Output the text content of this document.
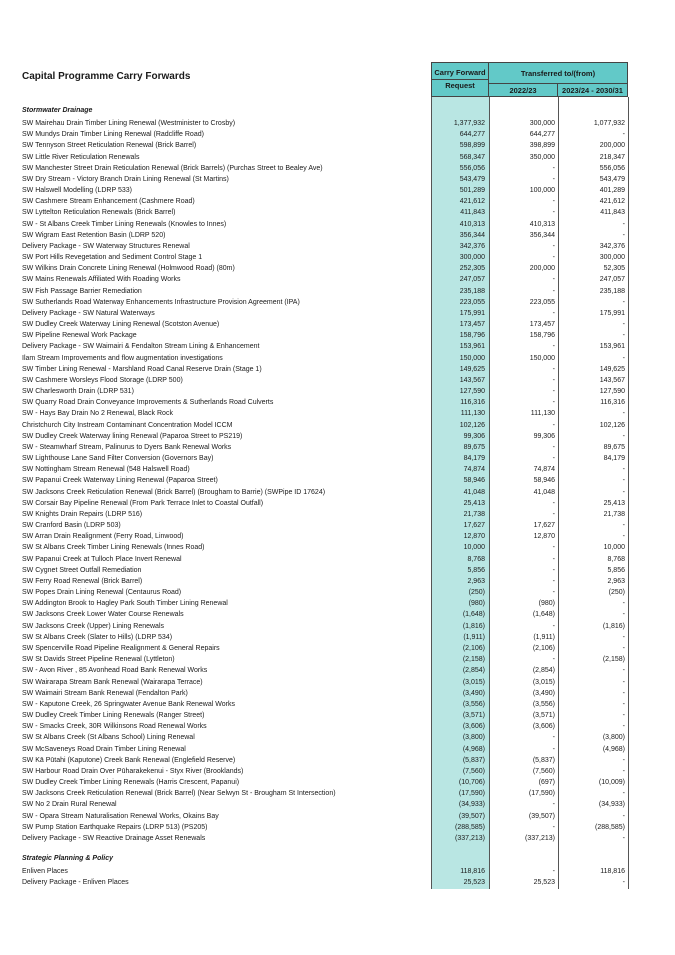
Capital Programme Carry Forwards	Carry Forward
Request
Transferred to/(from)
2022/23	2023/24 - 2030/31
Stormwater Drainage
Strategic Planning & Policy
SW Mairehau Drain Timber Lining Renewal (Westminister to Crosby)	1,377,932	300,000	1,077,932
SW Mundys Drain Timber Lining Renewal (Radcliffe Road)	644,277	644,277	-
SW Tennyson Street Reticulation Renewal (Brick Barrel)	598,899	398,899	200,000
SW Little River Reticulation Renewals	568,347	350,000	218,347
SW Manchester Street Drain Reticulation Renewal (Brick Barrels) (Purchas Street to Bealey Ave)	556,056	-	556,056
SW Dry Stream - Victory Branch Drain Lining Renewal (St Martins)	543,479	-	543,479
SW Halswell Modelling (LDRP 533)	501,289	100,000	401,289
SW Cashmere Stream Enhancement (Cashmere Road)	421,612	-	421,612
SW Lyttelton Reticulation Renewals (Brick Barrel)	411,843	-	411,843
SW - St Albans Creek Timber Lining Renewals (Knowles to Innes)	410,313	410,313	-
SW Wigram East Retention Basin (LDRP 520)	356,344	356,344	-
Delivery Package - SW Waterway Structures Renewal	342,376	-	342,376
SW Port Hills Revegetation and Sediment Control Stage 1	300,000	-	300,000
SW Wilkins Drain Concrete Lining Renewal (Holmwood Road) (80m)	252,305	200,000	52,305
SW Mains Renewals Affiliated With Roading Works	247,057	-	247,057
SW Fish Passage Barrier Remediation	235,188	-	235,188
SW Sutherlands Road Waterway Enhancements Infrastructure Provision Agreement (IPA)	223,055	223,055	-
Delivery Package - SW Natural Waterways	175,991	-	175,991
SW Dudley Creek Waterway Lining Renewal (Scotston Avenue)	173,457	173,457	-
SW Pipeline Renewal Work Package	158,796	158,796	-
Delivery Package - SW Waimairi & Fendalton Stream Lining & Enhancement	153,961	-	153,961
Ilam Stream Improvements and flow augmentation investigations	150,000	150,000	-
SW Timber Lining Renewal - Marshland Road Canal Reserve Drain (Stage 1)	149,625	-	149,625
SW Cashmere Worsleys Flood Storage (LDRP 500)	143,567	-	143,567
SW Charlesworth Drain (LDRP 531)	127,590	-	127,590
SW Quarry Road Drain Conveyance Improvements & Sutherlands Road Culverts	116,316	-	116,316
SW - Hays Bay Drain No 2 Renewal, Black Rock	111,130	111,130	-
Christchurch City Instream Contaminant Concentration Model ICCM	102,126	-	102,126
SW Dudley Creek Waterway lining Renewal (Paparoa Street to PS219)	99,306	99,306	-
SW - Steamwharf Stream, Palinurus to Dyers Bank Renewal Works	89,675	-	89,675
SW Lighthouse Lane Sand Filter Conversion (Governors Bay)	84,179	-	84,179
SW Nottingham Stream Renewal (548 Halswell Road)	74,874	74,874	-
SW Papanui Creek Waterway Lining Renewal (Paparoa Street)	58,946	58,946	-
SW Jacksons Creek Reticulation Renewal (Brick Barrel) (Brougham to Barrie) (SWPipe ID 17624)	41,048	41,048	-
SW Corsair Bay Pipeline Renewal (From Park Terrace Inlet to Coastal Outfall)	25,413	-	25,413
SW Knights Drain Repairs (LDRP 516)	21,738	-	21,738
SW Cranford Basin (LDRP 503)	17,627	17,627	-
SW Arran Drain Realignment (Ferry Road, Linwood)	12,870	12,870	-
SW St Albans Creek Timber Lining Renewals (Innes Road)	10,000	-	10,000
SW Papanui Creek at Tulloch Place Invert Renewal	8,768	-	8,768
SW Cygnet Street Outfall Remediation	5,856	-	5,856
SW Ferry Road Renewal (Brick Barrel)	2,963	-	2,963
SW Popes Drain Lining Renewal (Centaurus Road)	(250)	-	(250)
SW Addington Brook to Hagley Park South Timber Lining Renewal	(980)	(980)	-
SW Jacksons Creek Lower Water Course Renewals	(1,648)	(1,648)	-
SW Jacksons Creek (Upper) Lining Renewals	(1,816)	-	(1,816)
SW St Albans Creek (Slater to Hills) (LDRP 534)	(1,911)	(1,911)	-
SW Spencerville Road Pipeline Realignment & General Repairs	(2,106)	(2,106)	-
SW St Davids Street Pipeline Renewal (Lyttleton)	(2,158)	-	(2,158)
SW - Avon River , 85 Avonhead Road Bank Renewal Works	(2,854)	(2,854)	-
SW Wairarapa Stream Bank Renewal (Wairarapa Terrace)	(3,015)	(3,015)	-
SW Waimairi Stream Bank Renewal (Fendalton Park)	(3,490)	(3,490)	-
SW - Kaputone Creek, 26 Springwater Avenue Bank Renewal Works	(3,556)	(3,556)	-
SW Dudley Creek Timber Lining Renewals (Ranger Street)	(3,571)	(3,571)	-
SW - Smacks Creek, 30R Wilkinsons Road Renewal Works	(3,606)	(3,606)	-
SW St Albans Creek (St Albans School) Lining Renewal	(3,800)	-	(3,800)
SW McSaveneys Road Drain Timber Lining Renewal	(4,968)	-	(4,968)
SW Kā Pūtahi (Kaputone) Creek Bank Renewal (Englefield Reserve)	(5,837)	(5,837)	-
SW Harbour Road Drain Over Pūharakekenui - Styx River (Brooklands)	(7,560)	(7,560)	-
SW Dudley Creek Timber Lining Renewals (Harris Crescent, Papanui)	(10,706)	(697)	(10,009)
SW Jacksons Creek Reticulation Renewal (Brick Barrel) (Near Selwyn St - Brougham St Intersection)	(17,590)	(17,590)	-
SW No 2 Drain Rural Renewal	(34,933)	-	(34,933)
SW - Opara Stream Naturalisation Renewal Works, Okains Bay	(39,507)	(39,507)	-
SW Pump Station Earthquake Repairs (LDRP 513) (PS205)	(288,585)	-	(288,585)
Delivery Package - SW Reactive Drainage Asset Renewals	(337,213)	(337,213)	-
Enliven Places	118,816	-	118,816
Delivery Package - Enliven Places	25,523	25,523	-
